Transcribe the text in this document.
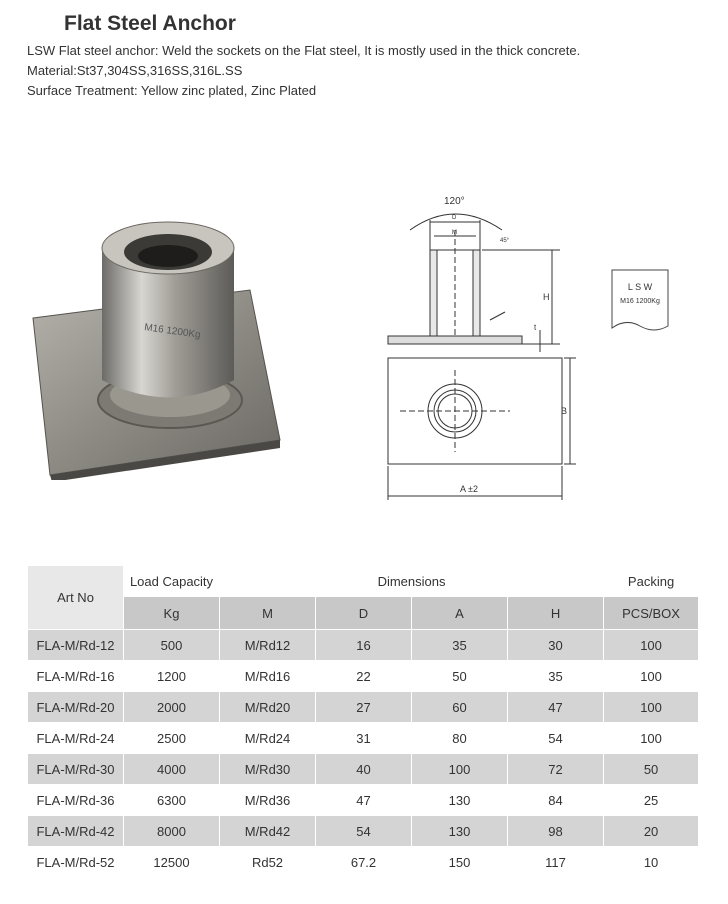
Flat Steel Anchor
LSW Flat steel anchor: Weld the sockets on the Flat steel, It is mostly used in the thick concrete.
Material:St37,304SS,316SS,316L.SS
Surface Treatment: Yellow zinc plated, Zinc Plated
M16 1200Kg
120°
D
M
45°
H
t
B
A ±2
L S W
M16 1200Kg
Art No	Load Capacity	Dimensions				Packing
	Kg	M	D	A	H	PCS/BOX
FLA-M/Rd-12	500	M/Rd12	16	35	30	100
FLA-M/Rd-16	1200	M/Rd16	22	50	35	100
FLA-M/Rd-20	2000	M/Rd20	27	60	47	100
FLA-M/Rd-24	2500	M/Rd24	31	80	54	100
FLA-M/Rd-30	4000	M/Rd30	40	100	72	50
FLA-M/Rd-36	6300	M/Rd36	47	130	84	25
FLA-M/Rd-42	8000	M/Rd42	54	130	98	20
FLA-M/Rd-52	12500	Rd52	67.2	150	117	10
